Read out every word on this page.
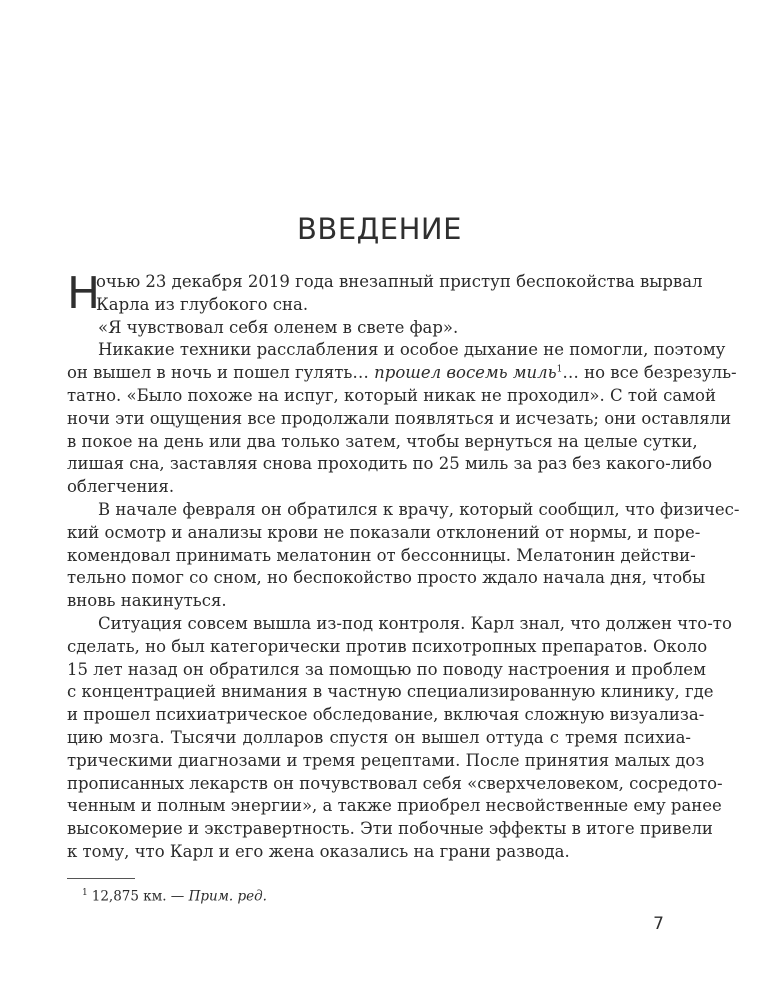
ВВЕДЕНИЕ
Н
очью 23 декабря 2019 года внезапный приступ беспокойства вырвал
Карла из глубокого сна.
«Я чувствовал себя оленем в свете фар».
Никакие техники расслабления и особое дыхание не помогли, поэтому
он вышел в ночь и пошел гулять… прошел восемь миль$^1$… но все безрезуль-
татно. «Было похоже на испуг, который никак не проходил». С той самой
ночи эти ощущения все продолжали появляться и исчезать; они оставляли
в покое на день или два только затем, чтобы вернуться на целые сутки,
лишая сна, заставляя снова проходить по 25 миль за раз без какого-либо
облегчения.
В начале февраля он обратился к врачу, который сообщил, что физичес-
кий осмотр и анализы крови не показали отклонений от нормы, и поре-
комендовал принимать мелатонин от бессонницы. Мелатонин действи-
тельно помог со сном, но беспокойство просто ждало начала дня, чтобы
вновь накинуться.
Ситуация совсем вышла из-под контроля. Карл знал, что должен что-то
сделать, но был категорически против психотропных препаратов. Около
15 лет назад он обратился за помощью по поводу настроения и проблем
с концентрацией внимания в частную специализированную клинику, где
и прошел психиатрическое обследование, включая сложную визуализа-
цию мозга. Тысячи долларов спустя он вышел оттуда с тремя психиа-
трическими диагнозами и тремя рецептами. После принятия малых доз
прописанных лекарств он почувствовал себя «сверхчеловеком, сосредото-
ченным и полным энергии», а также приобрел несвойственные ему ранее
высокомерие и экстравертность. Эти побочные эффекты в итоге привели
к тому, что Карл и его жена оказались на грани развода.
$^1$ 12,875 км. — Прим. ред.
7
